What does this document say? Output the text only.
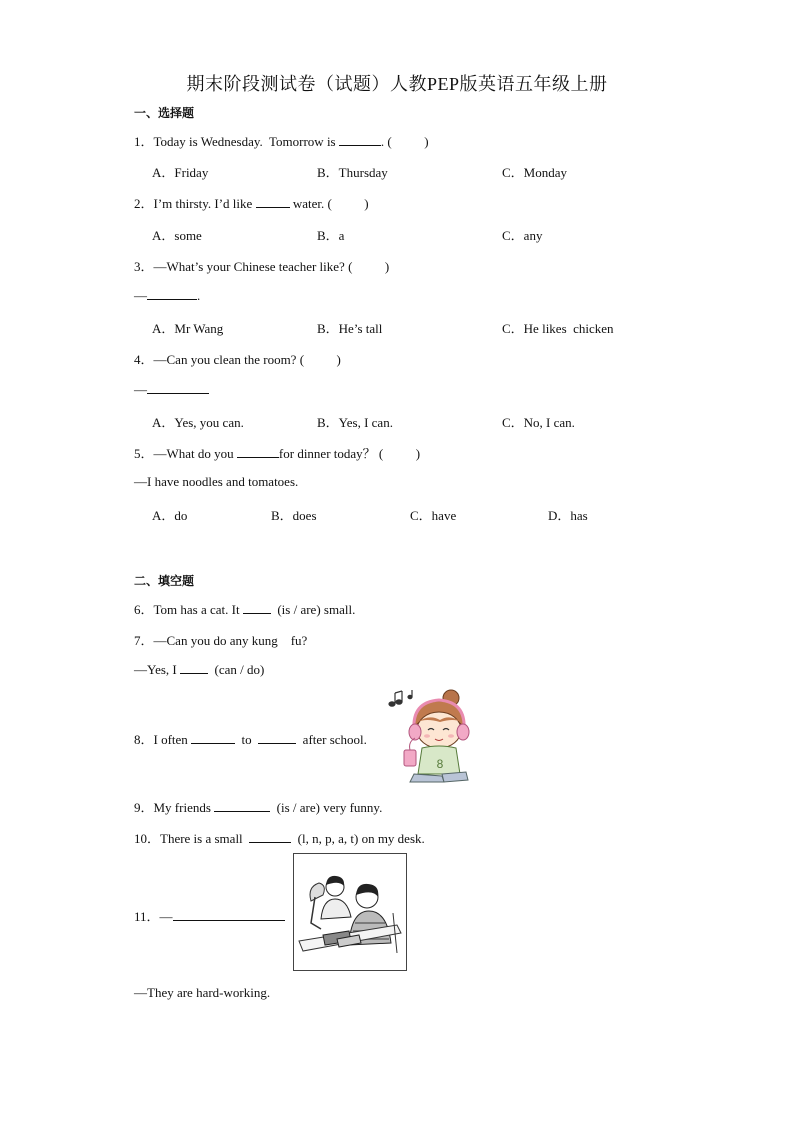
期末阶段测试卷（试题）人教PEP版英语五年级上册
一、选择题
1．Today is Wednesday.  Tomorrow is	. (          )
A．Friday	B．Thursday	C．Monday
2．I’m thirsty. I’d like	water. (          )
A．some	B．a	C．any
3．—What’s your Chinese teacher like? (          )
—	.
A．Mr Wang	B．He’s tall	C．He likes  chicken
4．—Can you clean the room? (          )
—
A．Yes, you can.	B．Yes, I can.	C．No, I can.
5．—What do you	for dinner today？ (          )
—I have noodles and tomatoes.
A．do	B．does	C．have	D．has
二、填空题
6．Tom has a cat. It   (is / are) small.
7．—Can you do any kung    fu?
—Yes, I   (can / do)
8
8．I often	to	after school.
9．My friends	(is / are) very funny.
10．There is a small	(l, n, p, a, t) on my desk.
11．—
—They are hard-working.
